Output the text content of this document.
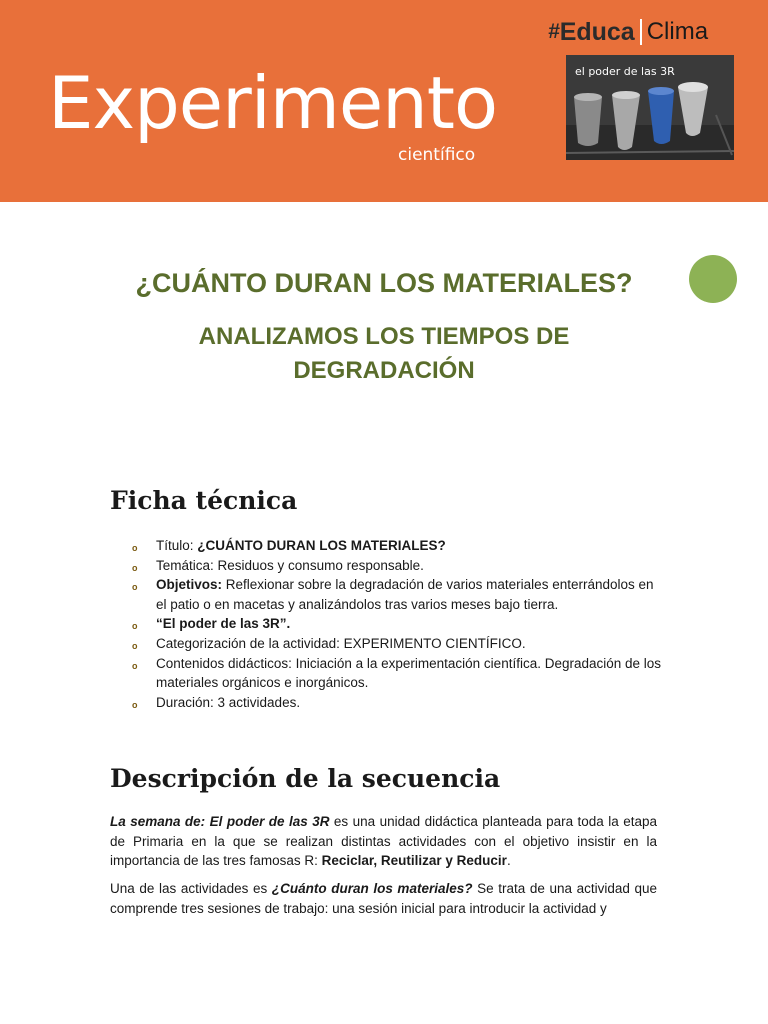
Experimento
científico
# Educa Clima
el poder de las 3R
¿CUÁNTO DURAN LOS MATERIALES?
ANALIZAMOS LOS TIEMPOS DE DEGRADACIÓN
Ficha técnica
o Título: ¿CUÁNTO DURAN LOS MATERIALES?
o Temática: Residuos y consumo responsable.
o Objetivos: Reflexionar sobre la degradación de varios materiales enterrándolos en el patio o en macetas y analizándolos tras varios meses bajo tierra.
o “El poder de las 3R”.
o Categorización de la actividad: EXPERIMENTO CIENTÍFICO.
o Contenidos didácticos: Iniciación a la experimentación científica. Degradación de los materiales orgánicos e inorgánicos.
o Duración: 3 actividades.
Descripción de la secuencia

La semana de: El poder de las 3R es una unidad didáctica planteada para toda la etapa de Primaria en la que se realizan distintas actividades con el objetivo insistir en la importancia de las tres famosas R: Reciclar, Reutilizar y Reducir.

Una de las actividades es ¿Cuánto duran los materiales? Se trata de una actividad que comprende tres sesiones de trabajo: una sesión inicial para introducir la actividad y
